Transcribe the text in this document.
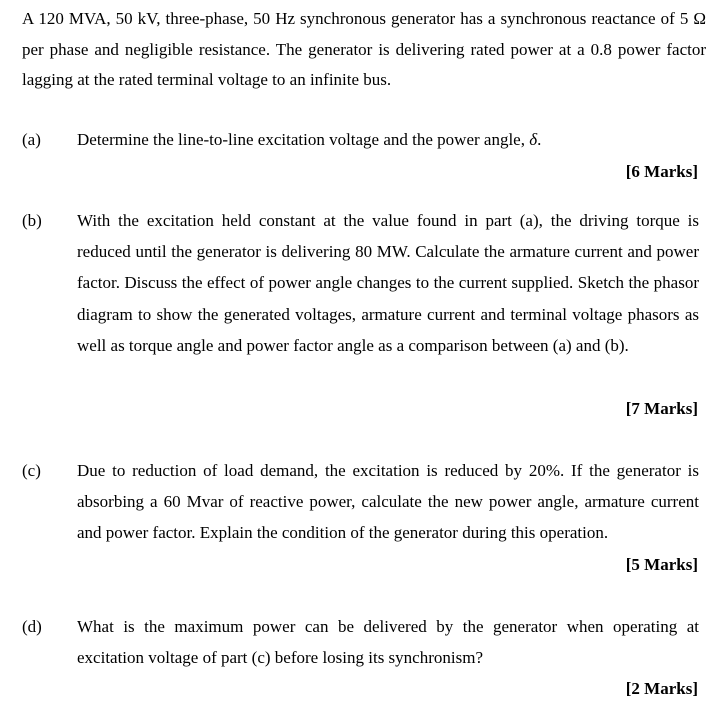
A 120 MVA, 50 kV, three-phase, 50 Hz synchronous generator has a synchronous reactance of 5 Ω per phase and negligible resistance. The generator is delivering rated power at a 0.8 power factor lagging at the rated terminal voltage to an infinite bus.
(a) Determine the line-to-line excitation voltage and the power angle, δ.
[6 Marks]
(b) With the excitation held constant at the value found in part (a), the driving torque is reduced until the generator is delivering 80 MW. Calculate the armature current and power factor. Discuss the effect of power angle changes to the current supplied. Sketch the phasor diagram to show the generated voltages, armature current and terminal voltage phasors as well as torque angle and power factor angle as a comparison between (a) and (b).
[7 Marks]
(c) Due to reduction of load demand, the excitation is reduced by 20%. If the generator is absorbing a 60 Mvar of reactive power, calculate the new power angle, armature current and power factor. Explain the condition of the generator during this operation.
[5 Marks]
(d) What is the maximum power can be delivered by the generator when operating at excitation voltage of part (c) before losing its synchronism?
[2 Marks]
